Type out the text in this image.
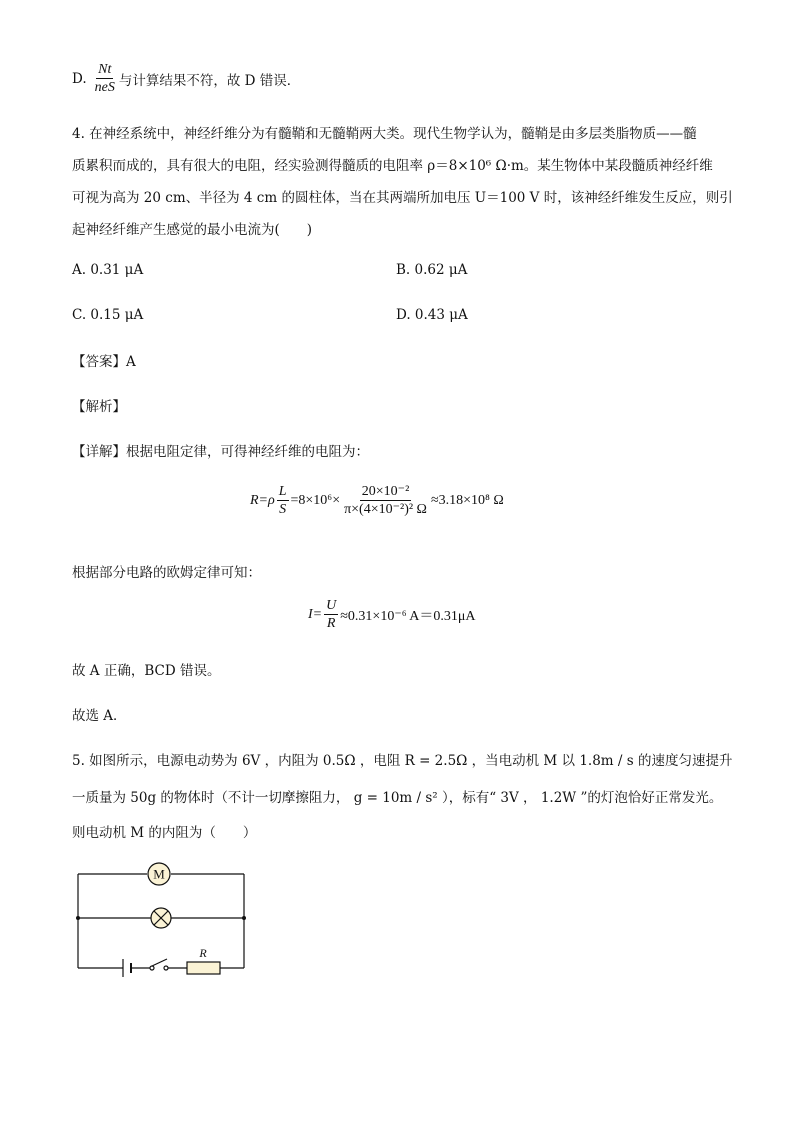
D. $\frac{Nt}{\text{neS}}$ 与计算结果不符，故 D 错误．
4. 在神经系统中，神经纤维分为有髓鞘和无髓鞘两大类。现代生物学认为，髓鞘是由多层类脂物质——髓
质累积而成的，具有很大的电阻，经实验测得髓质的电阻率 ρ＝8×10⁶ Ω·m。某生物体中某段髓质神经纤维
可视为高为 20 cm、半径为 4 cm 的圆柱体，当在其两端所加电压 U＝100 V 时，该神经纤维发生反应，则引
起神经纤维产生感觉的最小电流为(　　)
A. 0.31 μA	B. 0.62 μA
C. 0.15 μA	D. 0.43 μA
【答案】A
【解析】
【详解】根据电阻定律，可得神经纤维的电阻为：
$R=\rho \frac{L}{S} =8\times 10^6\times \frac{\text{20×10⁻²}}{\text{π×(4×10⁻²)² Ω}} \approx 3.18\times 10^8$ Ω
根据部分电路的欧姆定律可知：
$I= \frac{U}{R} \approx 0.31\times 10^{-6}$ A＝0.31μA
故 A 正确，BCD 错误。
故选 A．
5. 如图所示，电源电动势为 6V ，内阻为 0.5Ω ，电阻 R = 2.5Ω ，当电动机 M 以 1.8m / s 的速度匀速提升
一质量为 50g 的物体时（不计一切摩擦阻力， g = 10m / s² ），标有“ 3V ， 1.2W ”的灯泡恰好正常发光。
则电动机 M 的内阻为（　　）
M
R
